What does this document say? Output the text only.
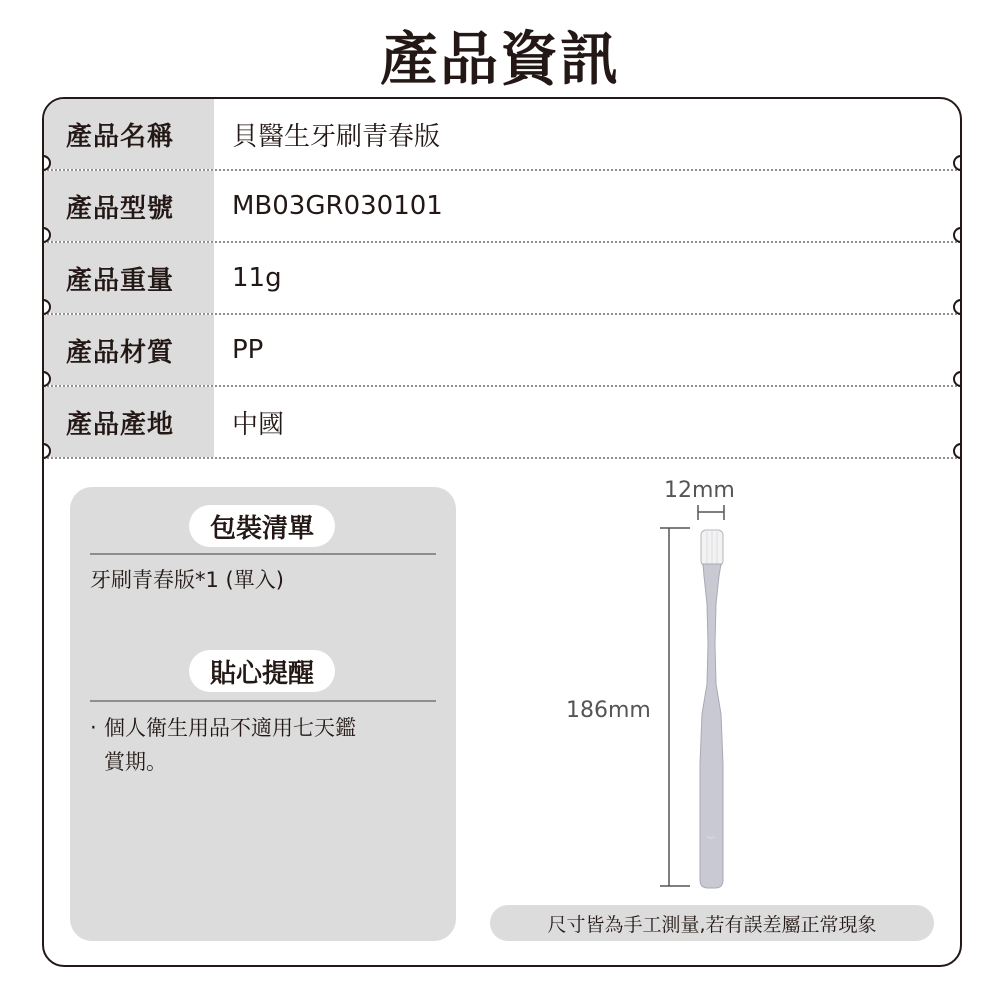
產品資訊
產品名稱	貝醫生牙刷青春版
產品型號	MB03GR030101
產品重量	11g
產品材質	PP
產品產地	中國
包裝清單
牙刷青春版*1 (單入)
貼心提醒
‧ 個人衛生用品不適用七天鑑
賞期。
12mm
186mm
◠◠
尺寸皆為手工測量,若有誤差屬正常現象
